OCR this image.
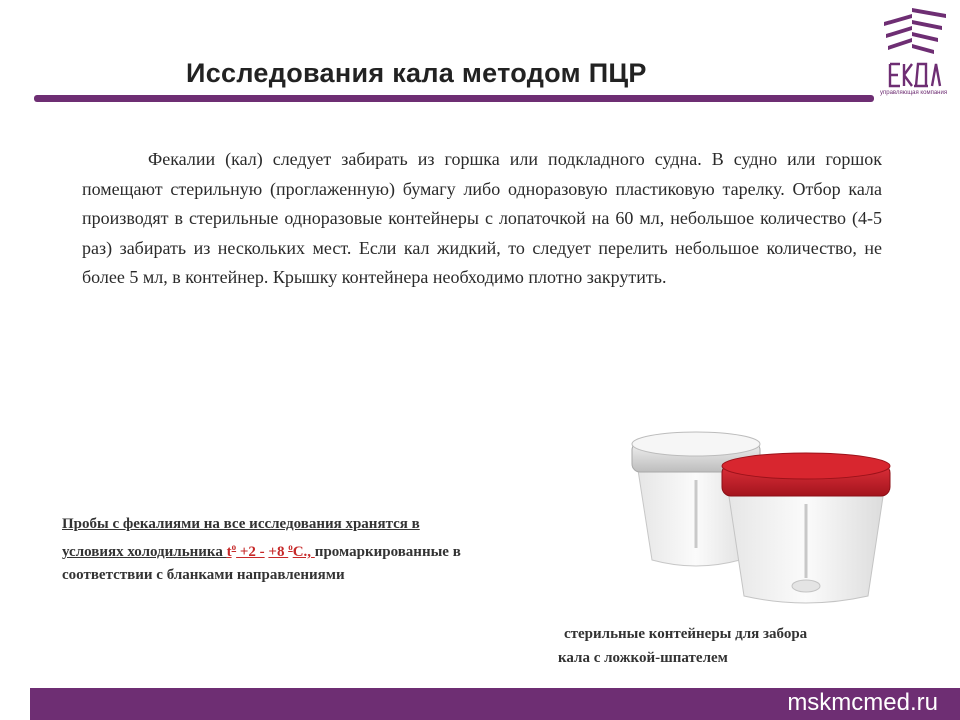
Исследования кала методом ПЦР
управляющая компания
Фекалии (кал) следует забирать из горшка или подкладного судна. В судно или горшок помещают стерильную (проглаженную) бумагу либо одноразовую пластиковую тарелку. Отбор кала производят в стерильные одноразовые контейнеры с лопаточкой на 60 мл, небольшое количество (4-5 раз) забирать из нескольких мест. Если кал жидкий, то следует перелить небольшое количество, не более 5 мл, в контейнер. Крышку контейнера необходимо плотно закрутить.
Пробы с фекалиями на все исследования хранятся в условиях холодильника $t^o +2 - +8$ $^o$C., промаркированные в соответствии с бланками направлениями
стерильные контейнеры для забора
кала с ложкой-шпателем
mskmcmed.ru
